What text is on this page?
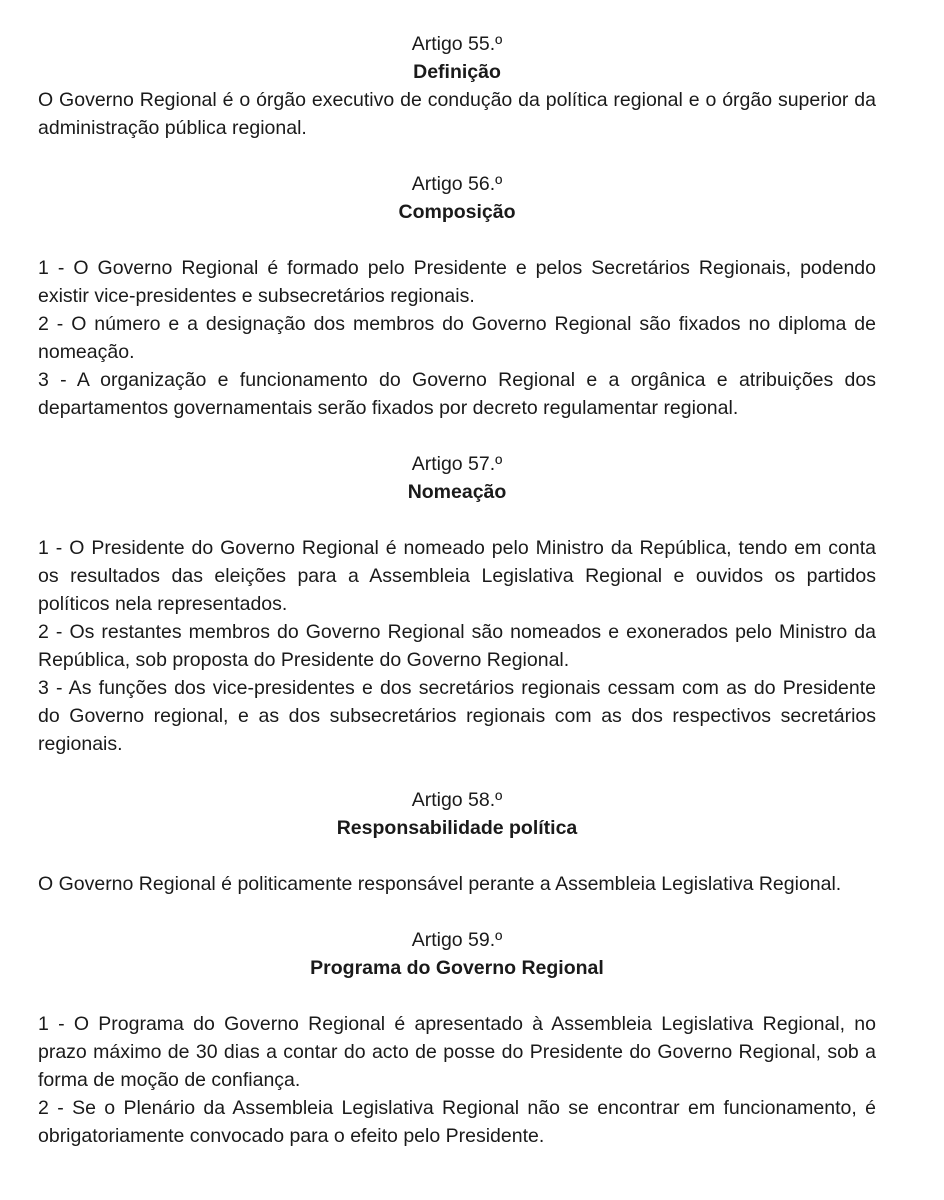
Artigo 55.º

Definição

O Governo Regional é o órgão executivo de condução da política regional e o órgão superior da administração pública regional.

Artigo 56.º

Composição

1 - O Governo Regional é formado pelo Presidente e pelos Secretários Regionais, podendo existir vice-presidentes e subsecretários regionais.

2 - O número e a designação dos membros do Governo Regional são fixados no diploma de nomeação.

3 - A organização e funcionamento do Governo Regional e a orgânica e atribuições dos departamentos governamentais serão fixados por decreto regulamentar regional.

Artigo 57.º

Nomeação

1 - O Presidente do Governo Regional é nomeado pelo Ministro da República, tendo em conta os resultados das eleições para a Assembleia Legislativa Regional e ouvidos os partidos políticos nela representados.

2 - Os restantes membros do Governo Regional são nomeados e exonerados pelo Ministro da República, sob proposta do Presidente do Governo Regional.

3 - As funções dos vice-presidentes e dos secretários regionais cessam com as do Presidente do Governo regional, e as dos subsecretários regionais com as dos respectivos secretários regionais.

Artigo 58.º

Responsabilidade política

O Governo Regional é politicamente responsável perante a Assembleia Legislativa Regional.

Artigo 59.º

Programa do Governo Regional

1 - O Programa do Governo Regional é apresentado à Assembleia Legislativa Regional, no prazo máximo de 30 dias a contar do acto de posse do Presidente do Governo Regional, sob a forma de moção de confiança.

2 - Se o Plenário da Assembleia Legislativa Regional não se encontrar em funcionamento, é obrigatoriamente convocado para o efeito pelo Presidente.
